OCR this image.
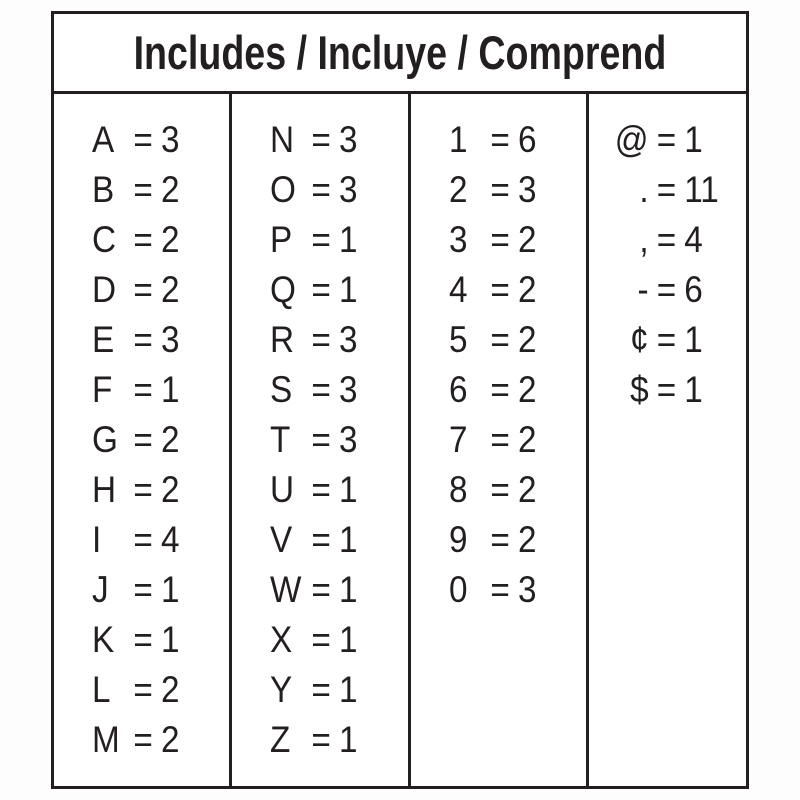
Includes / Incluye / Comprend
A = 3
B = 2
C = 2
D = 2
E = 3
F = 1
G = 2
H = 2
I = 4
J = 1
K = 1
L = 2
M = 2
N = 3
O = 3
P = 1
Q = 1
R = 3
S = 3
T = 3
U = 1
V = 1
W = 1
X = 1
Y = 1
Z = 1
1 = 6
2 = 3
3 = 2
4 = 2
5 = 2
6 = 2
7 = 2
8 = 2
9 = 2
0 = 3
@ = 1
. = 11
, = 4
- = 6
¢ = 1
$ = 1
